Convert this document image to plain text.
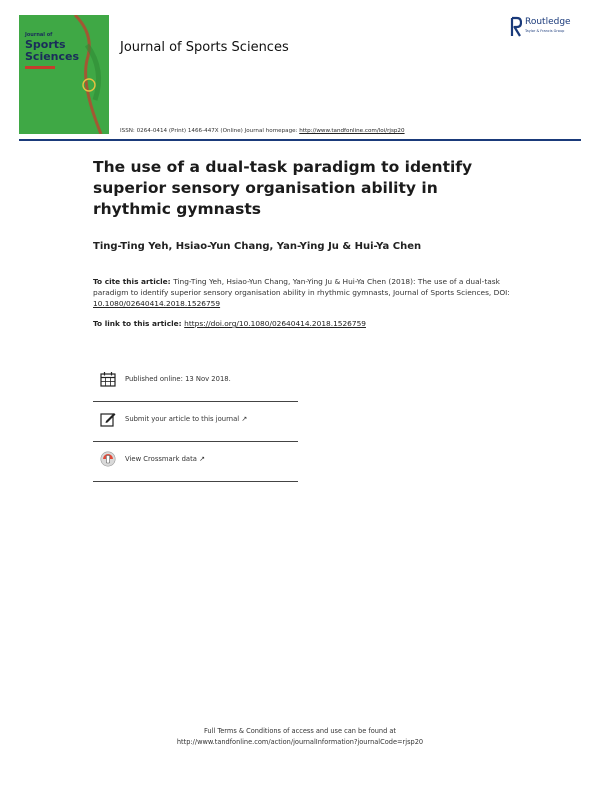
Journal of
Sports
Sciences
Journal of Sports Sciences
Routledge
Taylor & Francis Group
ISSN: 0264-0414 (Print) 1466-447X (Online) Journal homepage: http://www.tandfonline.com/loi/rjsp20
The use of a dual-task paradigm to identify superior sensory organisation ability in rhythmic gymnasts
Ting-Ting Yeh, Hsiao-Yun Chang, Yan-Ying Ju & Hui-Ya Chen
To cite this article: Ting-Ting Yeh, Hsiao-Yun Chang, Yan-Ying Ju & Hui-Ya Chen (2018): The use of a dual-task paradigm to identify superior sensory organisation ability in rhythmic gymnasts, Journal of Sports Sciences, DOI: 10.1080/02640414.2018.1526759
To link to this article: https://doi.org/10.1080/02640414.2018.1526759
Published online: 13 Nov 2018.
Submit your article to this journal ↗
View Crossmark data ↗
Full Terms & Conditions of access and use can be found at
http://www.tandfonline.com/action/journalInformation?journalCode=rjsp20
